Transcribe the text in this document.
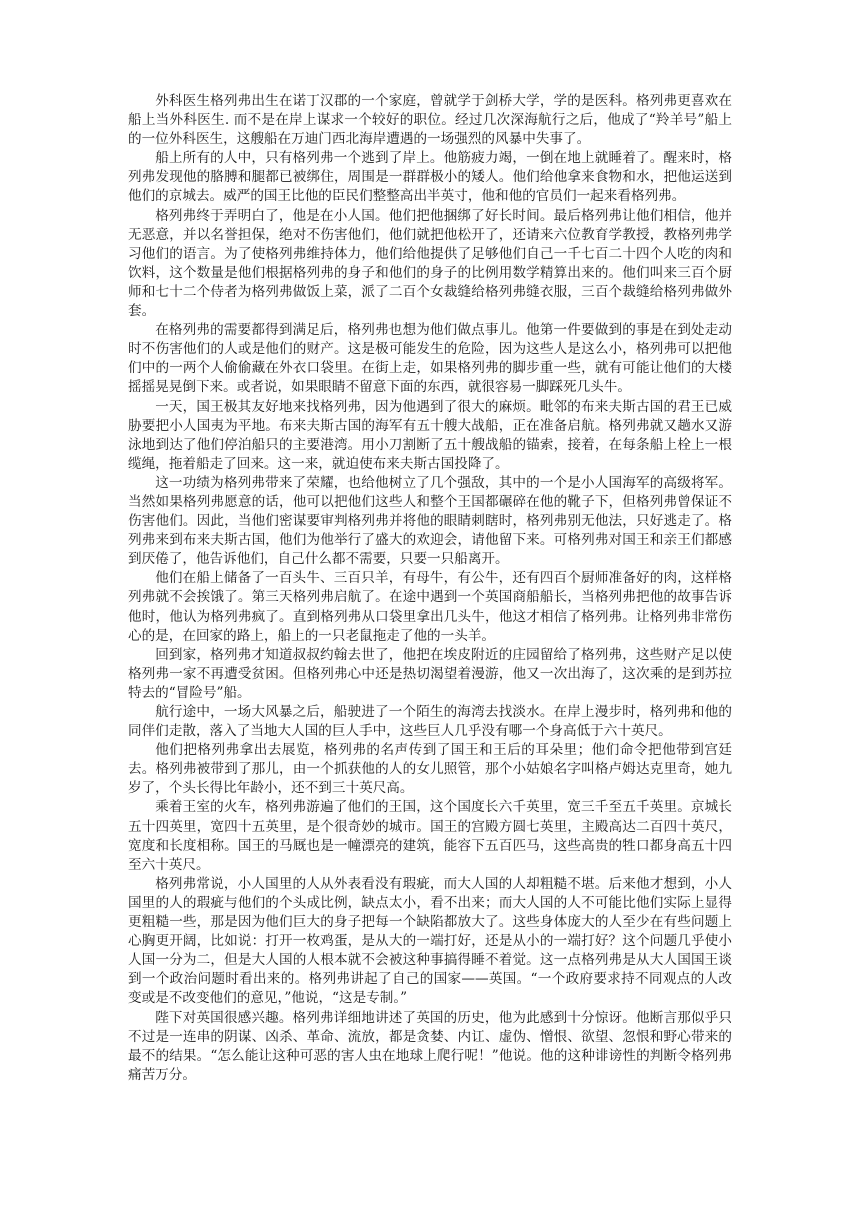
外科医生格列弗出生在诺丁汉郡的一个家庭，曾就学于剑桥大学，学的是医科。格列弗更喜欢在船上当外科医生. 而不是在岸上谋求一个较好的职位。经过几次深海航行之后，他成了“羚羊号”船上的一位外科医生，这艘船在万迪门西北海岸遭遇的一场强烈的风暴中失事了。

船上所有的人中，只有格列弗一个逃到了岸上。他筋疲力竭，一倒在地上就睡着了。醒来时，格列弗发现他的胳膊和腿都已被绑住，周围是一群群极小的矮人。他们给他拿来食物和水，把他运送到他们的京城去。威严的国王比他的臣民们整整高出半英寸，他和他的官员们一起来看格列弗。

格列弗终于弄明白了，他是在小人国。他们把他捆绑了好长时间。最后格列弗让他们相信，他并无恶意，并以名誉担保，绝对不伤害他们，他们就把他松开了，还请来六位教育学教授，教格列弗学习他们的语言。为了使格列弗维持体力，他们给他提供了足够他们自己一千七百二十四个人吃的肉和饮料，这个数量是他们根据格列弗的身子和他们的身子的比例用数学精算出来的。他们叫来三百个厨师和七十二个侍者为格列弗做饭上菜，派了二百个女裁缝给格列弗缝衣服，三百个裁缝给格列弗做外套。

在格列弗的需要都得到满足后，格列弗也想为他们做点事儿。他第一件要做到的事是在到处走动时不伤害他们的人或是他们的财产。这是极可能发生的危险，因为这些人是这么小，格列弗可以把他们中的一两个人偷偷藏在外衣口袋里。在街上走，如果格列弗的脚步重一些，就有可能让他们的大楼摇摇晃晃倒下来。或者说，如果眼睛不留意下面的东西，就很容易一脚踩死几头牛。

一天，国王极其友好地来找格列弗，因为他遇到了很大的麻烦。毗邻的布来夫斯古国的君王已威胁要把小人国夷为平地。布来夫斯古国的海军有五十艘大战船，正在准备启航。格列弗就又趟水又游泳地到达了他们停泊船只的主要港湾。用小刀割断了五十艘战船的锚索，接着，在每条船上栓上一根缆绳，拖着船走了回来。这一来，就迫使布来夫斯古国投降了。

这一功绩为格列弗带来了荣耀，也给他树立了几个强敌，其中的一个是小人国海军的高级将军。当然如果格列弗愿意的话，他可以把他们这些人和整个王国都碾碎在他的靴子下，但格列弗曾保证不伤害他们。因此，当他们密谋要审判格列弗并将他的眼睛刺瞎时，格列弗别无他法，只好逃走了。格列弗来到布来夫斯古国，他们为他举行了盛大的欢迎会，请他留下来。可格列弗对国王和亲王们都感到厌倦了，他告诉他们，自己什么都不需要，只要一只船离开。

他们在船上储备了一百头牛、三百只羊，有母牛，有公牛，还有四百个厨师准备好的肉，这样格列弗就不会挨饿了。第三天格列弗启航了。在途中遇到一个英国商船船长，当格列弗把他的故事告诉他时，他认为格列弗疯了。直到格列弗从口袋里拿出几头牛，他这才相信了格列弗。让格列弗非常伤心的是，在回家的路上，船上的一只老鼠拖走了他的一头羊。

回到家，格列弗才知道叔叔约翰去世了，他把在埃皮附近的庄园留给了格列弗，这些财产足以使格列弗一家不再遭受贫困。但格列弗心中还是热切渴望着漫游，他又一次出海了，这次乘的是到苏拉特去的“冒险号”船。

航行途中，一场大风暴之后，船驶进了一个陌生的海湾去找淡水。在岸上漫步时，格列弗和他的同伴们走散，落入了当地大人国的巨人手中，这些巨人几乎没有哪一个身高低于六十英尺。

他们把格列弗拿出去展览，格列弗的名声传到了国王和王后的耳朵里；他们命令把他带到宫廷去。格列弗被带到了那儿，由一个抓获他的人的女儿照管，那个小姑娘名字叫格卢姆达克里奇，她九岁了，个头长得比年龄小，还不到三十英尺高。

乘着王室的火车，格列弗游遍了他们的王国，这个国度长六千英里，宽三千至五千英里。京城长五十四英里，宽四十五英里，是个很奇妙的城市。国王的宫殿方圆七英里，主殿高达二百四十英尺，宽度和长度相称。国王的马厩也是一幢漂亮的建筑，能容下五百匹马，这些高贵的牲口都身高五十四至六十英尺。

格列弗常说，小人国里的人从外表看没有瑕疵，而大人国的人却粗糙不堪。后来他才想到，小人国里的人的瑕疵与他们的个头成比例，缺点太小，看不出来；而大人国的人不可能比他们实际上显得更粗糙一些，那是因为他们巨大的身子把每一个缺陷都放大了。这些身体庞大的人至少在有些问题上心胸更开阔，比如说：打开一枚鸡蛋，是从大的一端打好，还是从小的一端打好？这个问题几乎使小人国一分为二，但是大人国的人根本就不会被这种事搞得睡不着觉。这一点格列弗是从大人国国王谈到一个政治问题时看出来的。格列弗讲起了自己的国家——英国。“一个政府要求持不同观点的人改变或是不改变他们的意见，”他说，“这是专制。”

陛下对英国很感兴趣。格列弗详细地讲述了英国的历史，他为此感到十分惊讶。他断言那似乎只不过是一连串的阴谋、凶杀、革命、流放，都是贪婪、内讧、虚伪、憎恨、欲望、忽恨和野心带来的最不的结果。“怎么能让这种可恶的害人虫在地球上爬行呢！”他说。他的这种诽谤性的判断令格列弗痛苦万分。
